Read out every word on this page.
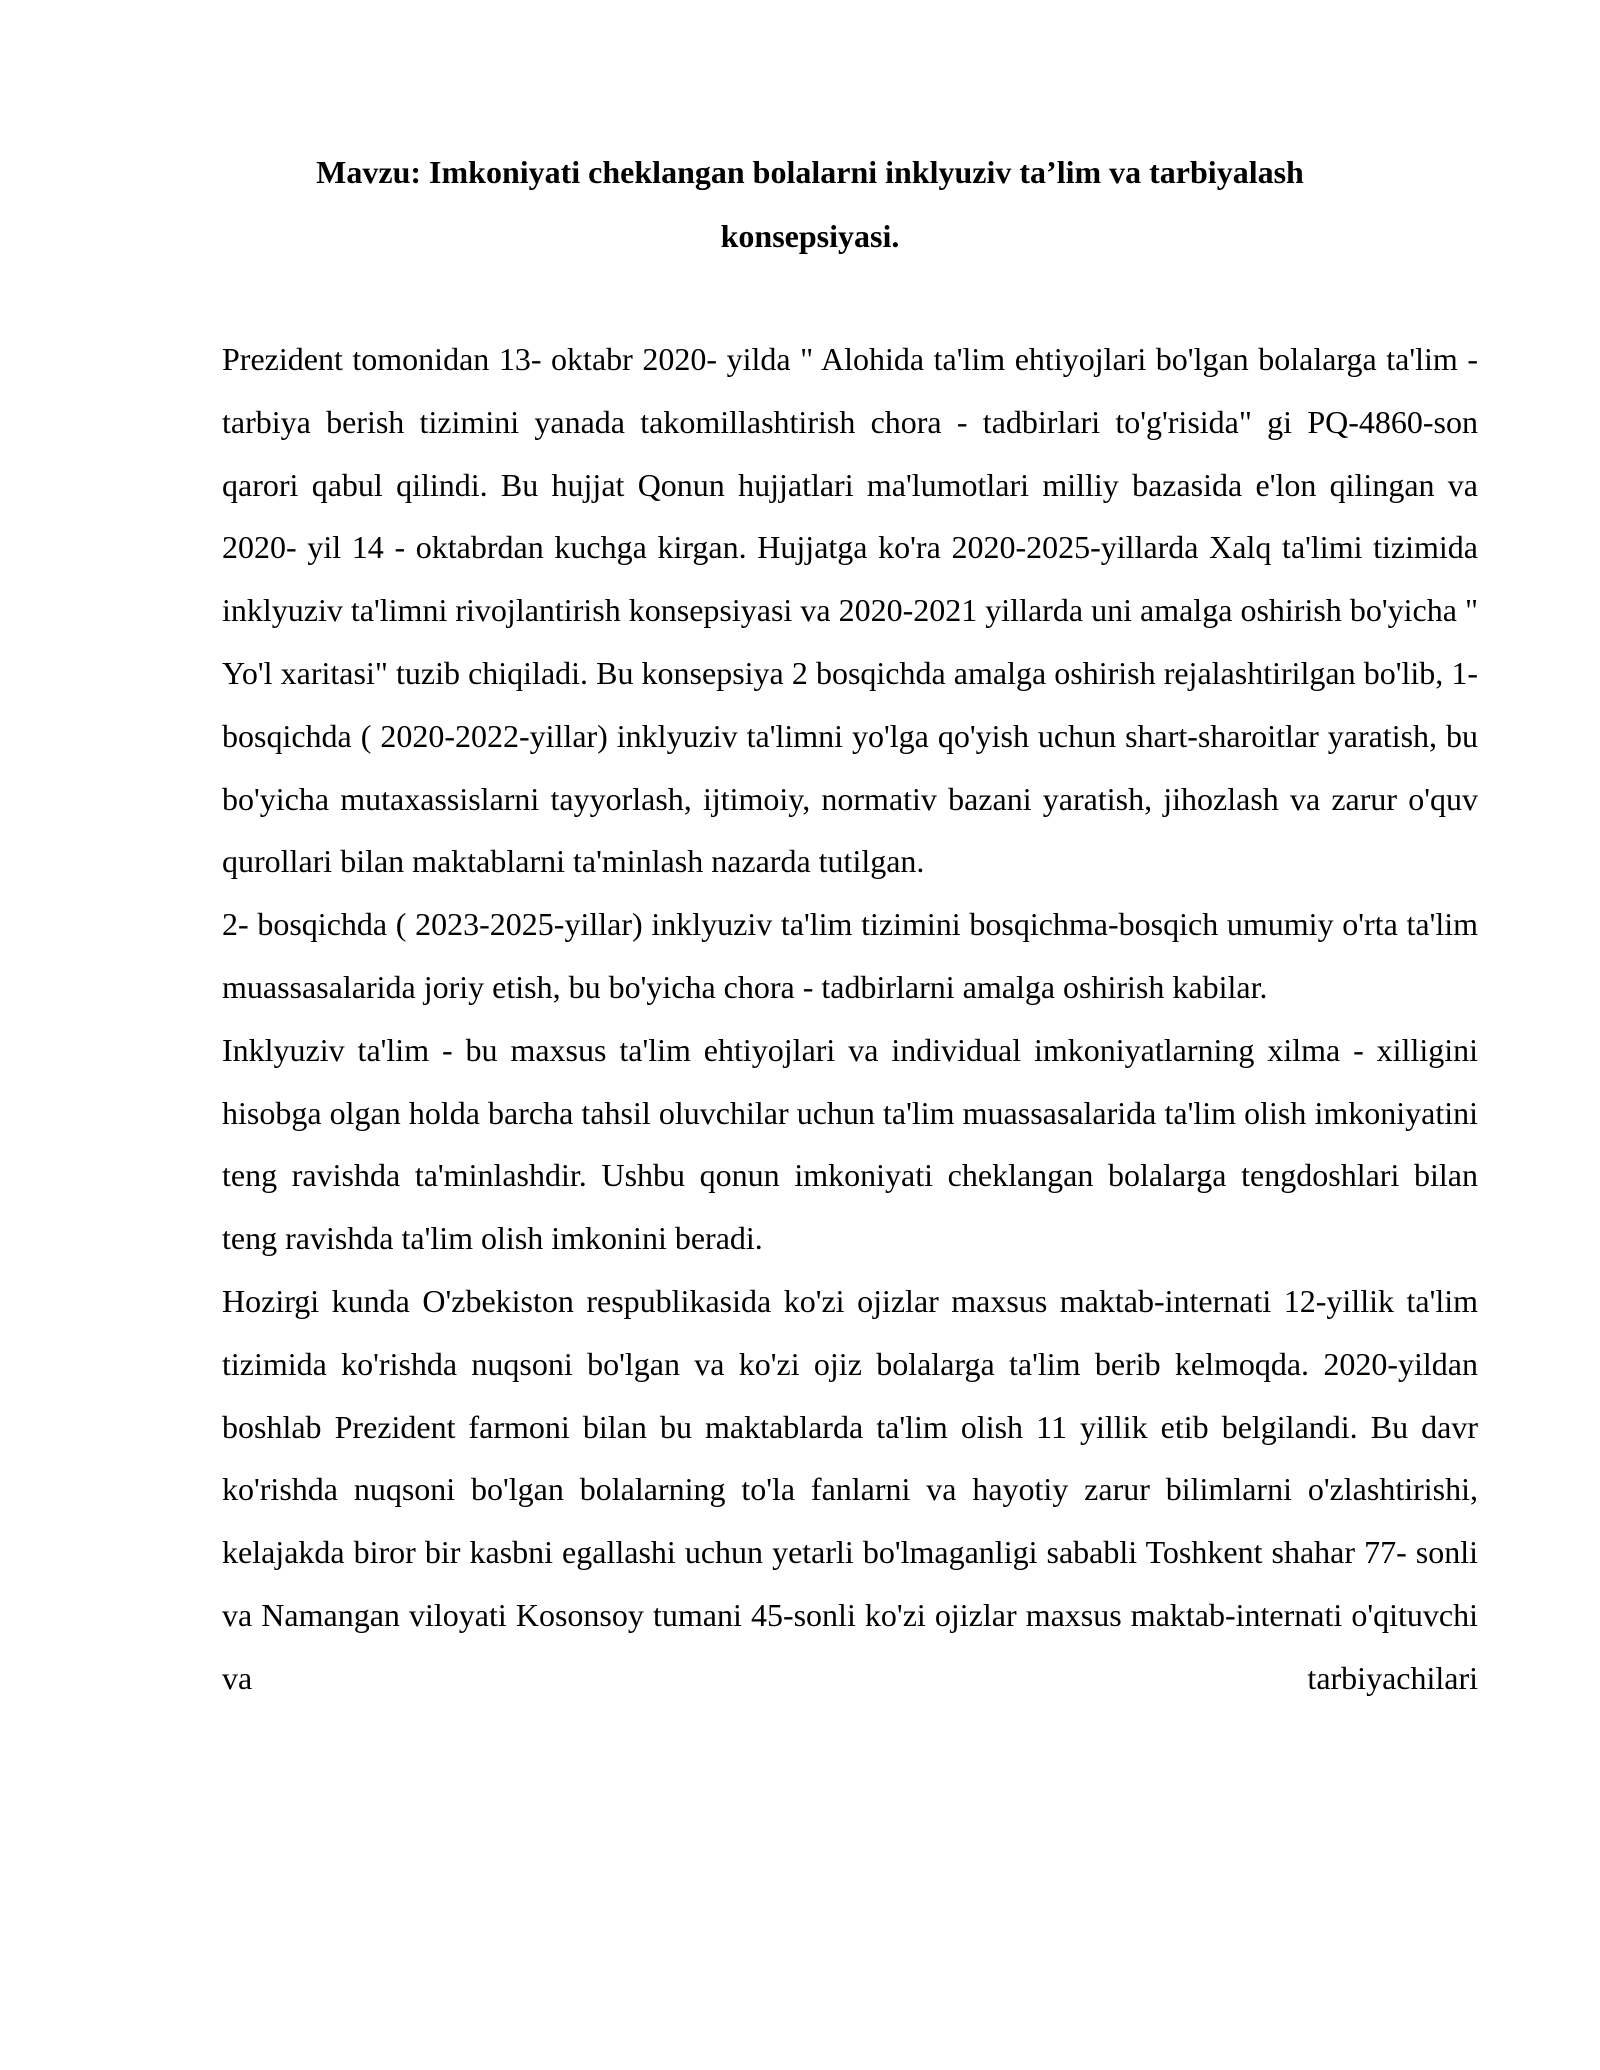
Mavzu: Imkoniyati cheklangan bolalarni inklyuziv ta’lim va tarbiyalash
konsepsiyasi.

Prezident tomonidan 13- oktabr 2020- yilda " Alohida ta'lim ehtiyojlari bo'lgan bolalarga ta'lim - tarbiya berish tizimini yanada takomillashtirish chora - tadbirlari to'g'risida" gi PQ-4860-son qarori qabul qilindi. Bu hujjat Qonun hujjatlari ma'lumotlari milliy bazasida e'lon qilingan va 2020- yil 14 - oktabrdan kuchga kirgan. Hujjatga ko'ra 2020-2025-yillarda Xalq ta'limi tizimida inklyuziv ta'limni rivojlantirish konsepsiyasi va 2020-2021 yillarda uni amalga oshirish bo'yicha " Yo'l xaritasi" tuzib chiqiladi. Bu konsepsiya 2 bosqichda amalga oshirish rejalashtirilgan bo'lib, 1-bosqichda ( 2020-2022-yillar) inklyuziv ta'limni yo'lga qo'yish uchun shart-sharoitlar yaratish, bu bo'yicha mutaxassislarni tayyorlash, ijtimoiy, normativ bazani yaratish, jihozlash va zarur o'quv qurollari bilan maktablarni ta'minlash nazarda tutilgan.

2- bosqichda ( 2023-2025-yillar) inklyuziv ta'lim tizimini bosqichma-bosqich umumiy o'rta ta'lim muassasalarida joriy etish, bu bo'yicha chora - tadbirlarni amalga oshirish kabilar.

Inklyuziv ta'lim - bu maxsus ta'lim ehtiyojlari va individual imkoniyatlarning xilma - xilligini hisobga olgan holda barcha tahsil oluvchilar uchun ta'lim muassasalarida ta'lim olish imkoniyatini teng ravishda ta'minlashdir. Ushbu qonun imkoniyati cheklangan bolalarga tengdoshlari bilan teng ravishda ta'lim olish imkonini beradi.

Hozirgi kunda O'zbekiston respublikasida ko'zi ojizlar maxsus maktab-internati 12-yillik ta'lim tizimida ko'rishda nuqsoni bo'lgan va ko'zi ojiz bolalarga ta'lim berib kelmoqda. 2020-yildan boshlab Prezident farmoni bilan bu maktablarda ta'lim olish 11 yillik etib belgilandi. Bu davr ko'rishda nuqsoni bo'lgan bolalarning to'la fanlarni va hayotiy zarur bilimlarni o'zlashtirishi, kelajakda biror bir kasbni egallashi uchun yetarli bo'lmaganligi sababli Toshkent shahar 77- sonli va Namangan viloyati Kosonsoy tumani 45-sonli ko'zi ojizlar maxsus maktab-internati o'qituvchi va tarbiyachilari
